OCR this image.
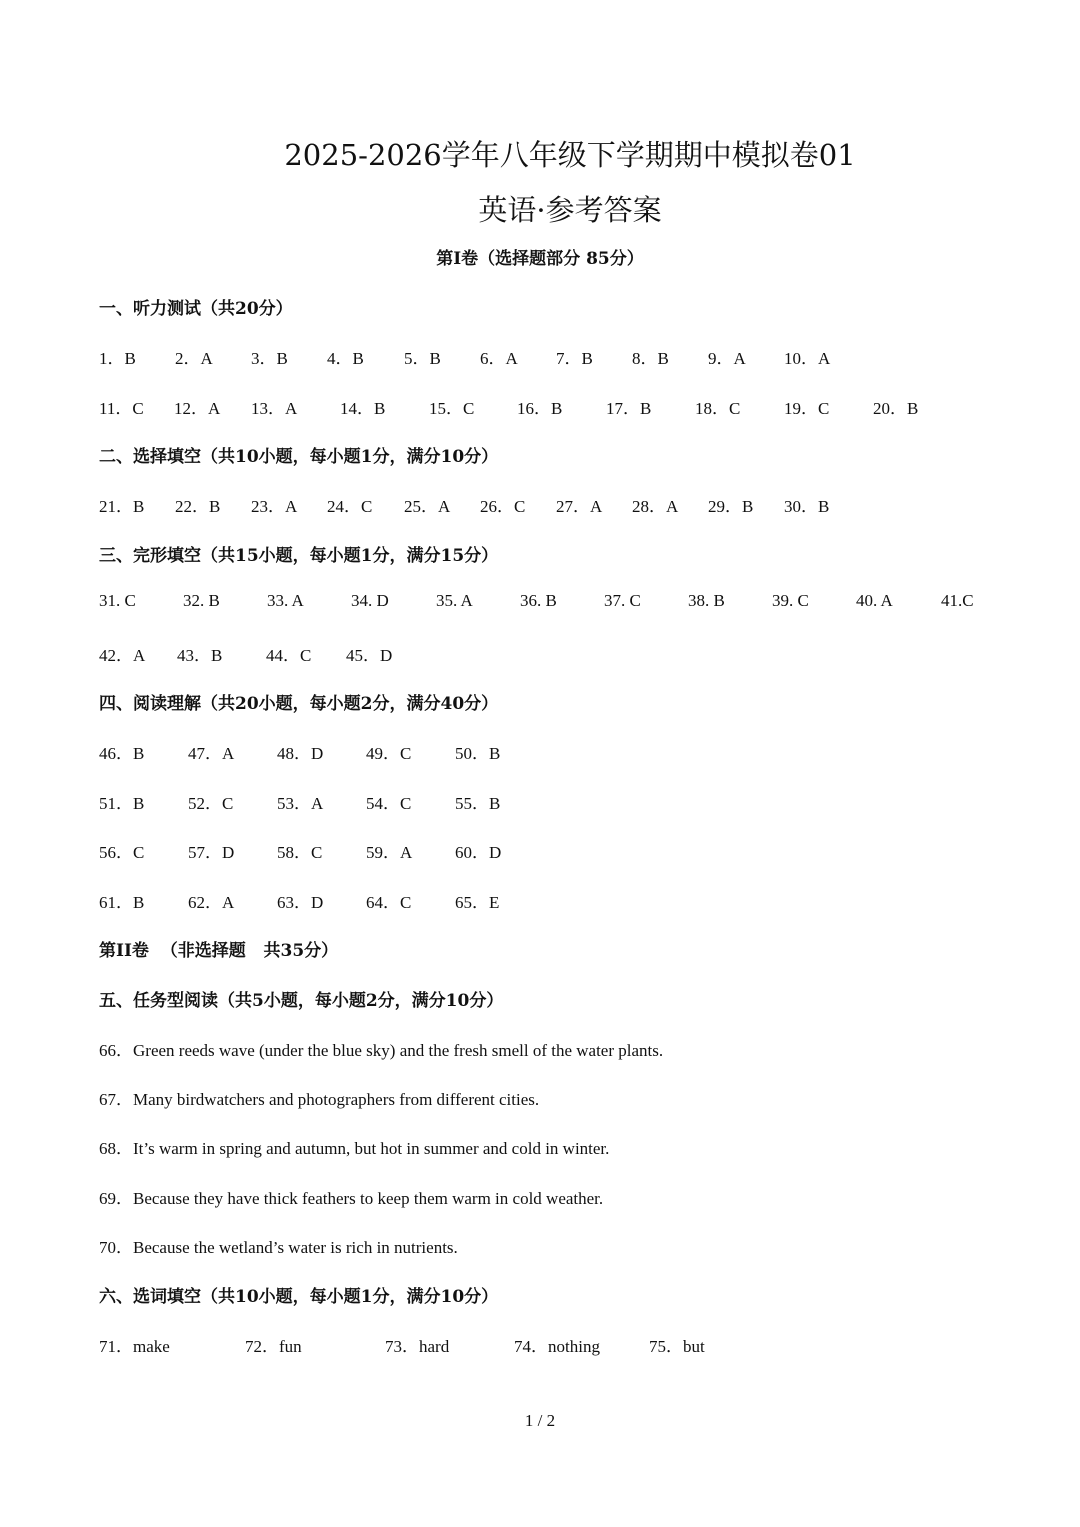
2025-2026学年八年级下学期期中模拟卷01
英语·参考答案
第I卷（选择题部分 85分）
一、听力测试（共20分）
1．B 2．A 3．B 4．B 5．B 6．A 7．B 8．B 9．A 10．A
11．C 12．A 13．A	14．B	15．C	16．B	17．B	18．C	19．C	20．B
二、选择填空（共10小题，每小题1分，满分10分）
21．B 22．B 23．A 24．C 25．A 26．C 27．A 28．A 29．B 30．B
三、完形填空（共15小题，每小题1分，满分15分）
31. C	32. B	33. A	34. D	35. A	36. B	37. C	38. B	39. C	40. A	41.C
42．A 43．B	44．C 45．D
四、阅读理解（共20小题，每小题2分，满分40分）
46．B	47．A	48．D	49．C	50．B
51．B	52．C	53．A	54．C	55．B
56．C	57．D	58．C	59．A	60．D
61．B	62．A	63．D	64．C	65．E
第II卷  （非选择题   共35分）
五、任务型阅读（共5小题，每小题2分，满分10分）
66．Green reeds wave (under the blue sky) and the fresh smell of the water plants.
67．Many birdwatchers and photographers from different cities.
68．It’s warm in spring and autumn, but hot in summer and cold in winter.
69．Because they have thick feathers to keep them warm in cold weather.
70．Because the wetland’s water is rich in nutrients.
六、选词填空（共10小题，每小题1分，满分10分）
71．make	72．fun	73．hard	74．nothing	75．but
1 / 2
